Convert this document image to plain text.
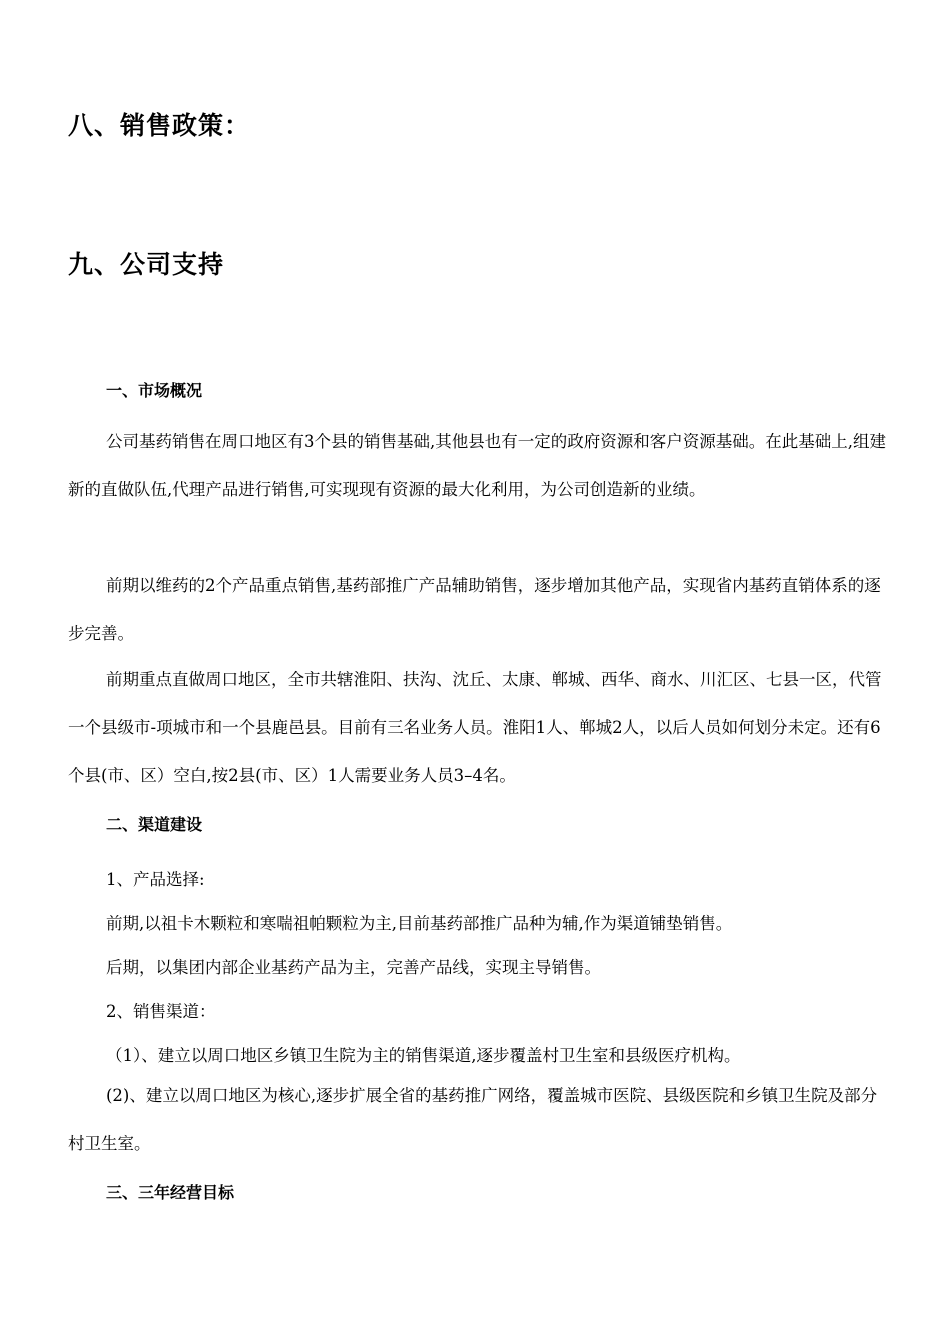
八、销售政策：
九、公司支持
一、市场概况

公司基药销售在周口地区有3个县的销售基础,其他县也有一定的政府资源和客户资源基础。在此基础上,组建新的直做队伍,代理产品进行销售,可实现现有资源的最大化利用，为公司创造新的业绩。

前期以维药的2个产品重点销售,基药部推广产品辅助销售，逐步增加其他产品，实现省内基药直销体系的逐步完善。

前期重点直做周口地区，全市共辖淮阳、扶沟、沈丘、太康、郸城、西华、商水、川汇区、七县一区，代管一个县级市-项城市和一个县鹿邑县。目前有三名业务人员。淮阳1人、郸城2人，以后人员如何划分未定。还有6个县(市、区）空白,按2县(市、区）1人需要业务人员3–4名。

二、渠道建设
1、产品选择:
前期,以祖卡木颗粒和寒喘祖帕颗粒为主,目前基药部推广品种为辅,作为渠道铺垫销售。
后期，以集团内部企业基药产品为主，完善产品线，实现主导销售。
2、销售渠道：
（1）、建立以周口地区乡镇卫生院为主的销售渠道,逐步覆盖村卫生室和县级医疗机构。

(2)、建立以周口地区为核心,逐步扩展全省的基药推广网络，覆盖城市医院、县级医院和乡镇卫生院及部分村卫生室。

三、三年经营目标
